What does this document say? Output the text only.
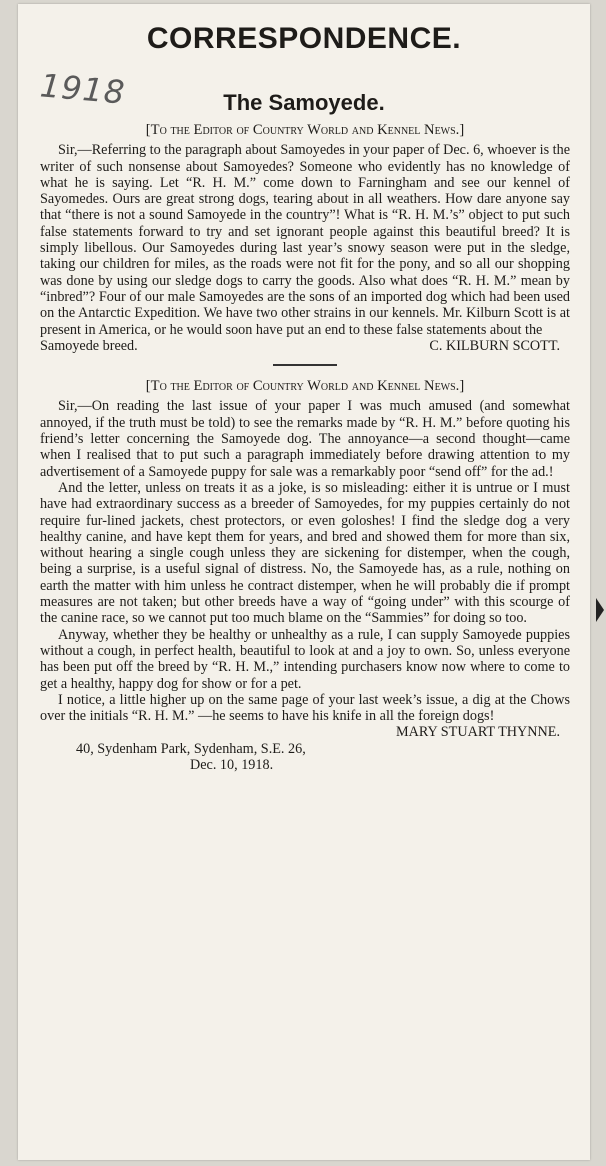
CORRESPONDENCE.
1918	The Samoyede.

[To the Editor of Country World and Kennel News.]

Sir,—Referring to the paragraph about Samoyedes in your paper of Dec. 6, whoever is the writer of such nonsense about Samoyedes? Someone who evidently has no knowledge of what he is saying. Let “R. H. M.” come down to Farningham and see our kennel of Sayomedes. Ours are great strong dogs, tearing about in all weathers. How dare anyone say that “there is not a sound Samoyede in the country”! What is “R. H. M.’s” object to put such false statements forward to try and set ignorant people against this beautiful breed? It is simply libellous. Our Samoyedes during last year’s snowy season were put in the sledge, taking our children for miles, as the roads were not fit for the pony, and so all our shopping was done by using our sledge dogs to carry the goods. Also what does “R. H. M.” mean by “inbred”? Four of our male Samoyedes are the sons of an imported dog which had been used on the Antarctic Expedition. We have two other strains in our kennels. Mr. Kilburn Scott is at present in America, or he would soon have put an end to these false statements about the

Samoyede breed.	C. KILBURN SCOTT.

[To the Editor of Country World and Kennel News.]

Sir,—On reading the last issue of your paper I was much amused (and somewhat annoyed, if the truth must be told) to see the remarks made by “R. H. M.” before quoting his friend’s letter concerning the Samoyede dog. The annoyance—a second thought—came when I realised that to put such a paragraph immediately before drawing attention to my advertisement of a Samoyede puppy for sale was a remarkably poor “send off” for the ad.!

And the letter, unless on treats it as a joke, is so misleading: either it is untrue or I must have had extraordinary success as a breeder of Samoyedes, for my puppies certainly do not require fur-lined jackets, chest protectors, or even goloshes! I find the sledge dog a very healthy canine, and have kept them for years, and bred and showed them for more than six, without hearing a single cough unless they are sickening for distemper, when the cough, being a surprise, is a useful signal of distress. No, the Samoyede has, as a rule, nothing on earth the matter with him unless he contract distemper, when he will probably die if prompt measures are not taken; but other breeds have a way of “going under” with this scourge of the canine race, so we cannot put too much blame on the “Sammies” for doing so too.

Anyway, whether they be healthy or unhealthy as a rule, I can supply Samoyede puppies without a cough, in perfect health, beautiful to look at and a joy to own. So, unless everyone has been put off the breed by “R. H. M.,” intending purchasers know now where to come to get a healthy, happy dog for show or for a pet.

I notice, a little higher up on the same page of your last week’s issue, a dig at the Chows over the initials “R. H. M.” —he seems to have his knife in all the foreign dogs!

MARY STUART THYNNE.

40, Sydenham Park, Sydenham, S.E. 26,

Dec. 10, 1918.
